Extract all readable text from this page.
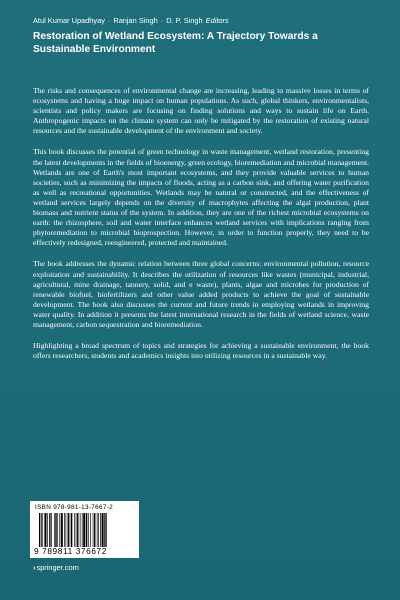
Atul Kumar Upadhyay · Ranjan Singh · D. P. Singh Editors
Restoration of Wetland Ecosystem: A Trajectory Towards a Sustainable Environment

The risks and consequences of environmental change are increasing, leading to massive losses in terms of ecosystems and having a huge impact on human populations. As such, global thinkers, environmentalists, scientists and policy makers are focusing on finding solutions and ways to sustain life on Earth. Anthropogenic impacts on the climate system can only be mitigated by the restoration of existing natural resources and the sustainable development of the environment and society.

This book discusses the potential of green technology in waste management, wetland restoration, presenting the latest developments in the fields of bioenergy, green ecology, bioremediation and microbial management. Wetlands are one of Earth's most important ecosystems, and they provide valuable services to human societies, such as minimizing the impacts of floods, acting as a carbon sink, and offering water purification as well as recreational opportunities. Wetlands may be natural or constructed, and the effectiveness of wetland services largely depends on the diversity of macrophytes affecting the algal production, plant biomass and nutrient status of the system. In addition, they are one of the richest microbial ecosystems on earth: the rhizosphere, soil and water interface enhances wetland services with implications ranging from phytoremediation to microbial bioprospection. However, in order to function properly, they need to be effectively redesigned, reengineered, protected and maintained.

The book addresses the dynamic relation between three global concerns: environmental pollution, resource exploitation and sustainability. It describes the utilization of resources like wastes (municipal, industrial, agricultural, mine drainage, tannery, solid, and e waste), plants, algae and microbes for production of renewable biofuel, biofertilizers and other value added products to achieve the goal of sustainable development. The book also discusses the current and future trends in employing wetlands in improving water quality. In addition it presents the latest international research in the fields of wetland science, waste management, carbon sequestration and bioremediation.

Highlighting a broad spectrum of topics and strategies for achieving a sustainable environment, the book offers researchers, students and academics insights into utilizing resources in a sustainable way.

ISBN 978-981-13-7667-2
9 789811 376672
›springer.com
